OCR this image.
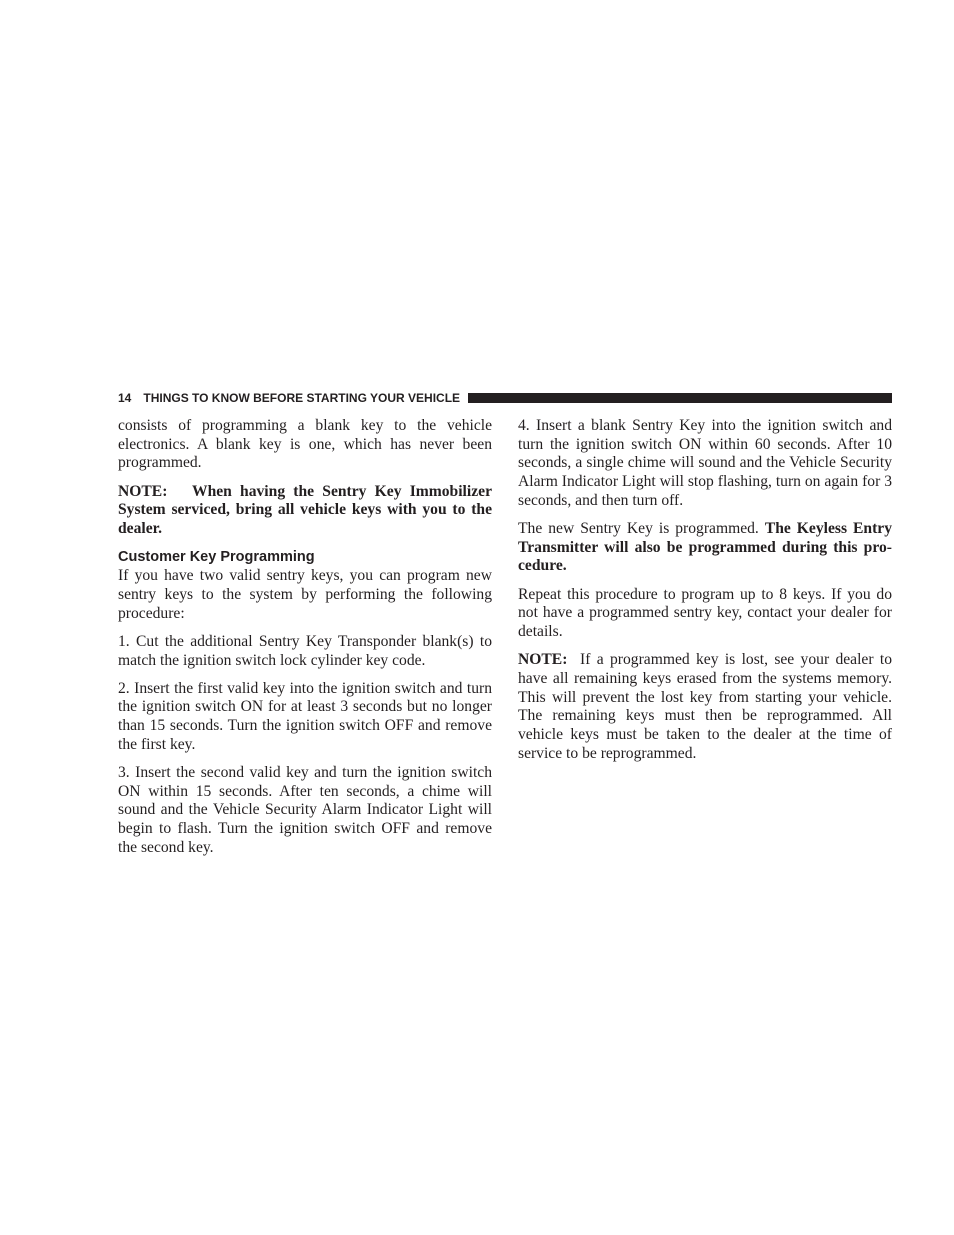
14 THINGS TO KNOW BEFORE STARTING YOUR VEHICLE

consists of programming a blank key to the vehicle electronics. A blank key is one, which has never been programmed.

NOTE: When having the Sentry Key Immobilizer System serviced, bring all vehicle keys with you to the dealer.

Customer Key Programming

If you have two valid sentry keys, you can program new sentry keys to the system by performing the following procedure:

1. Cut the additional Sentry Key Transponder blank(s) to match the ignition switch lock cylinder key code.

2. Insert the first valid key into the ignition switch and turn the ignition switch ON for at least 3 seconds but no longer than 15 seconds. Turn the ignition switch OFF and remove the first key.

3. Insert the second valid key and turn the ignition switch ON within 15 seconds. After ten seconds, a chime will sound and the Vehicle Security Alarm Indicator Light will begin to flash. Turn the ignition switch OFF and remove the second key.

4. Insert a blank Sentry Key into the ignition switch and turn the ignition switch ON within 60 seconds. After 10 seconds, a single chime will sound and the Vehicle Security Alarm Indicator Light will stop flashing, turn on again for 3 seconds, and then turn off.

The new Sentry Key is programmed. The Keyless Entry Transmitter will also be programmed during this procedure.

Repeat this procedure to program up to 8 keys. If you do not have a programmed sentry key, contact your dealer for details.

NOTE: If a programmed key is lost, see your dealer to have all remaining keys erased from the systems memory. This will prevent the lost key from starting your vehicle. The remaining keys must then be reprogrammed. All vehicle keys must be taken to the dealer at the time of service to be reprogrammed.
